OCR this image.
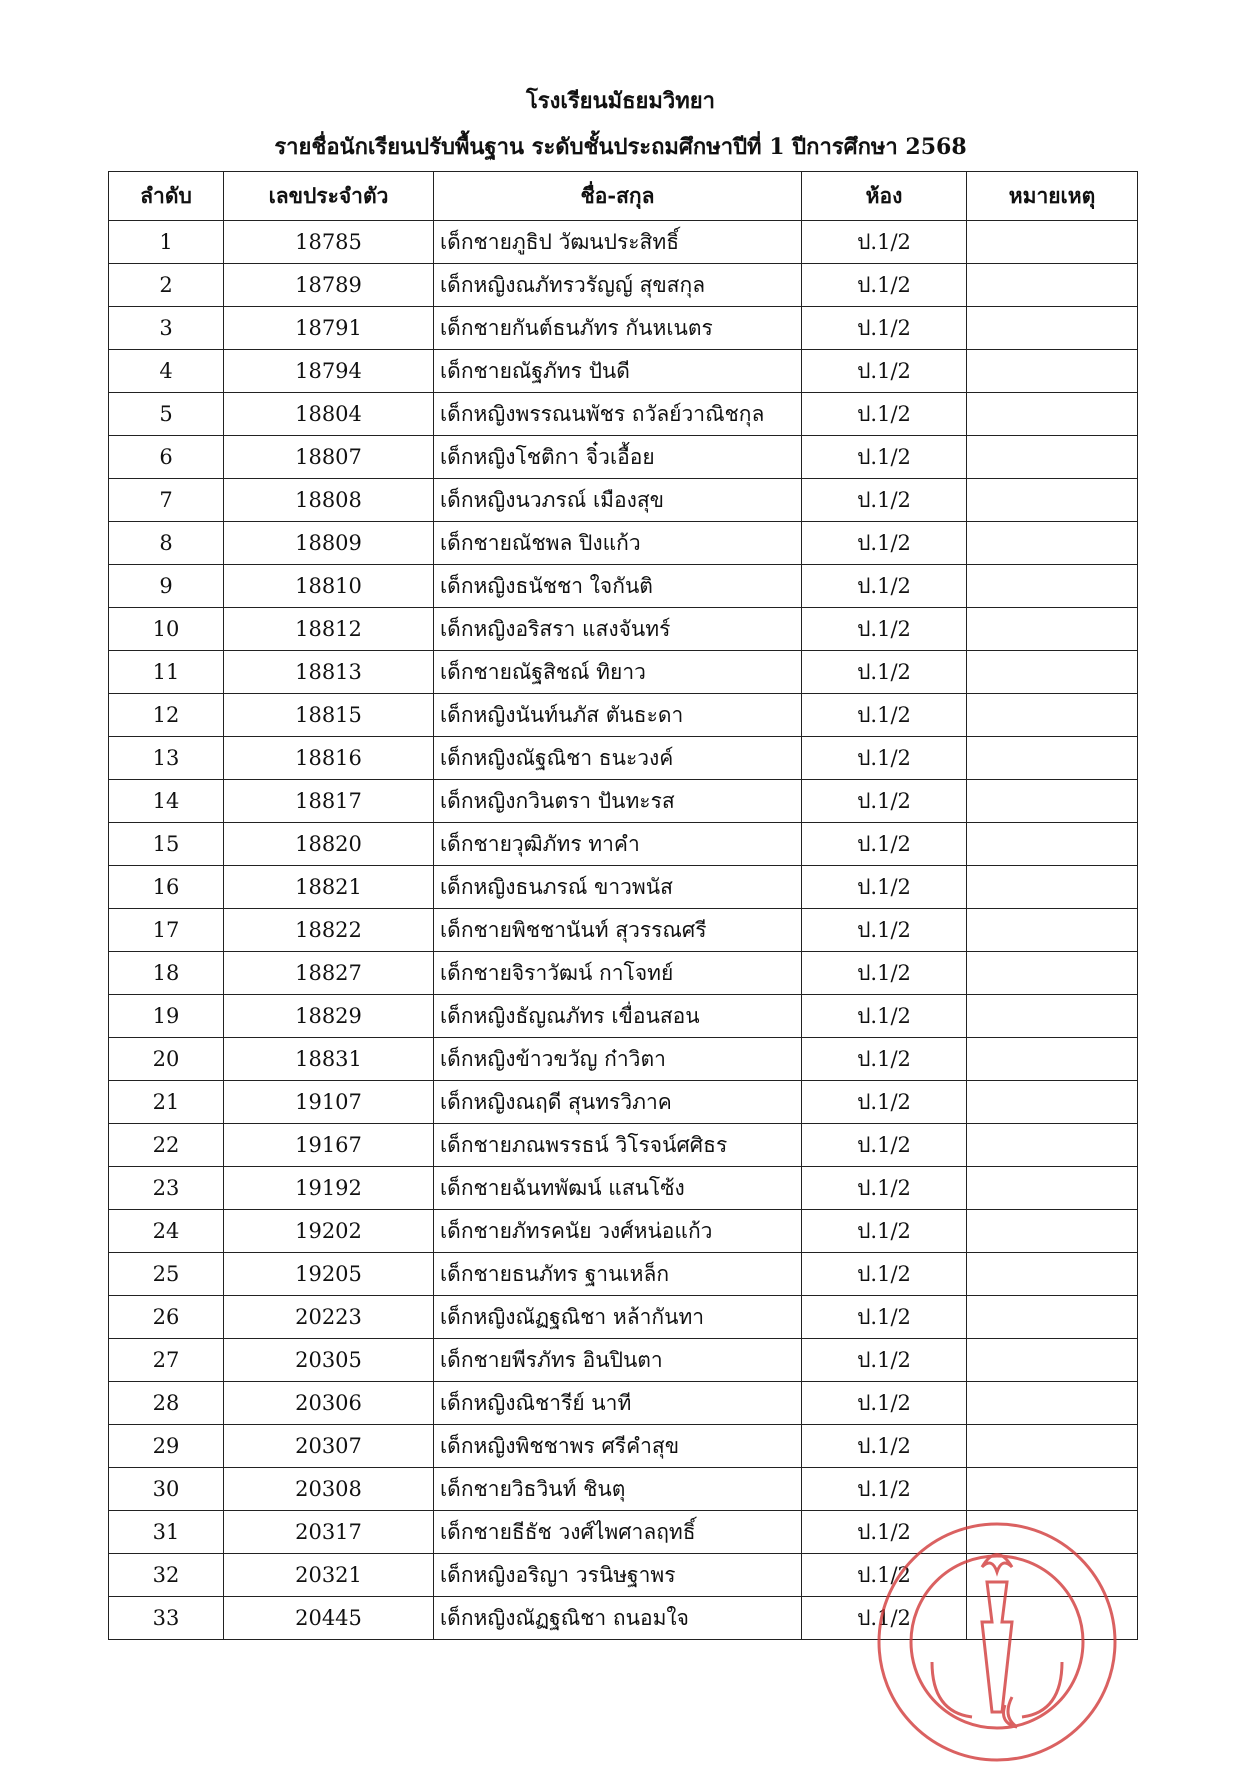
โรงเรียนมัธยมวิทยา
รายชื่อนักเรียนปรับพื้นฐาน ระดับชั้นประถมศึกษาปีที่ 1 ปีการศึกษา 2568
ลำดับ	เลขประจำตัว	ชื่อ-สกุล	ห้อง	หมายเหตุ
1	18785	เด็กชายภูธิป วัฒนประสิทธิ์	ป.1/2	
2	18789	เด็กหญิงณภัทรวรัญญ์ สุขสกุล	ป.1/2	
3	18791	เด็กชายกันต์ธนภัทร กันหเนตร	ป.1/2	
4	18794	เด็กชายณัฐภัทร ปันดี	ป.1/2	
5	18804	เด็กหญิงพรรณนพัชร ถวัลย์วาณิชกุล	ป.1/2	
6	18807	เด็กหญิงโชติกา จิ๋วเอื้อย	ป.1/2	
7	18808	เด็กหญิงนวภรณ์ เมืองสุข	ป.1/2	
8	18809	เด็กชายณัชพล ปิงแก้ว	ป.1/2	
9	18810	เด็กหญิงธนัชชา ใจกันติ	ป.1/2	
10	18812	เด็กหญิงอริสรา แสงจันทร์	ป.1/2	
11	18813	เด็กชายณัฐสิชณ์ ทิยาว	ป.1/2	
12	18815	เด็กหญิงนันท์นภัส ตันธะดา	ป.1/2	
13	18816	เด็กหญิงณัฐณิชา ธนะวงค์	ป.1/2	
14	18817	เด็กหญิงกวินตรา ปันทะรส	ป.1/2	
15	18820	เด็กชายวุฒิภัทร ทาคำ	ป.1/2	
16	18821	เด็กหญิงธนภรณ์ ขาวพนัส	ป.1/2	
17	18822	เด็กชายพิชชานันท์ สุวรรณศรี	ป.1/2	
18	18827	เด็กชายจิราวัฒน์ กาโจทย์	ป.1/2	
19	18829	เด็กหญิงธัญณภัทร เขื่อนสอน	ป.1/2	
20	18831	เด็กหญิงข้าวขวัญ ก๋าวิตา	ป.1/2	
21	19107	เด็กหญิงณฤดี สุนทรวิภาค	ป.1/2	
22	19167	เด็กชายภณพรรธน์ วิโรจน์ศศิธร	ป.1/2	
23	19192	เด็กชายฉันทพัฒน์ แสนโซ้ง	ป.1/2	
24	19202	เด็กชายภัทรคนัย วงศ์หน่อแก้ว	ป.1/2	
25	19205	เด็กชายธนภัทร ฐานเหล็ก	ป.1/2	
26	20223	เด็กหญิงณัฏฐณิชา หล้ากันทา	ป.1/2	
27	20305	เด็กชายพีรภัทร อินปินตา	ป.1/2	
28	20306	เด็กหญิงณิชารีย์ นาที	ป.1/2	
29	20307	เด็กหญิงพิชชาพร ศรีคำสุข	ป.1/2	
30	20308	เด็กชายวิธวินท์ ชินตุ	ป.1/2	
31	20317	เด็กชายธีธัช วงศ์ไพศาลฤทธิ์	ป.1/2	
32	20321	เด็กหญิงอริญา วรนิษฐาพร	ป.1/2	
33	20445	เด็กหญิงณัฏฐณิชา ถนอมใจ	ป.1/2	
